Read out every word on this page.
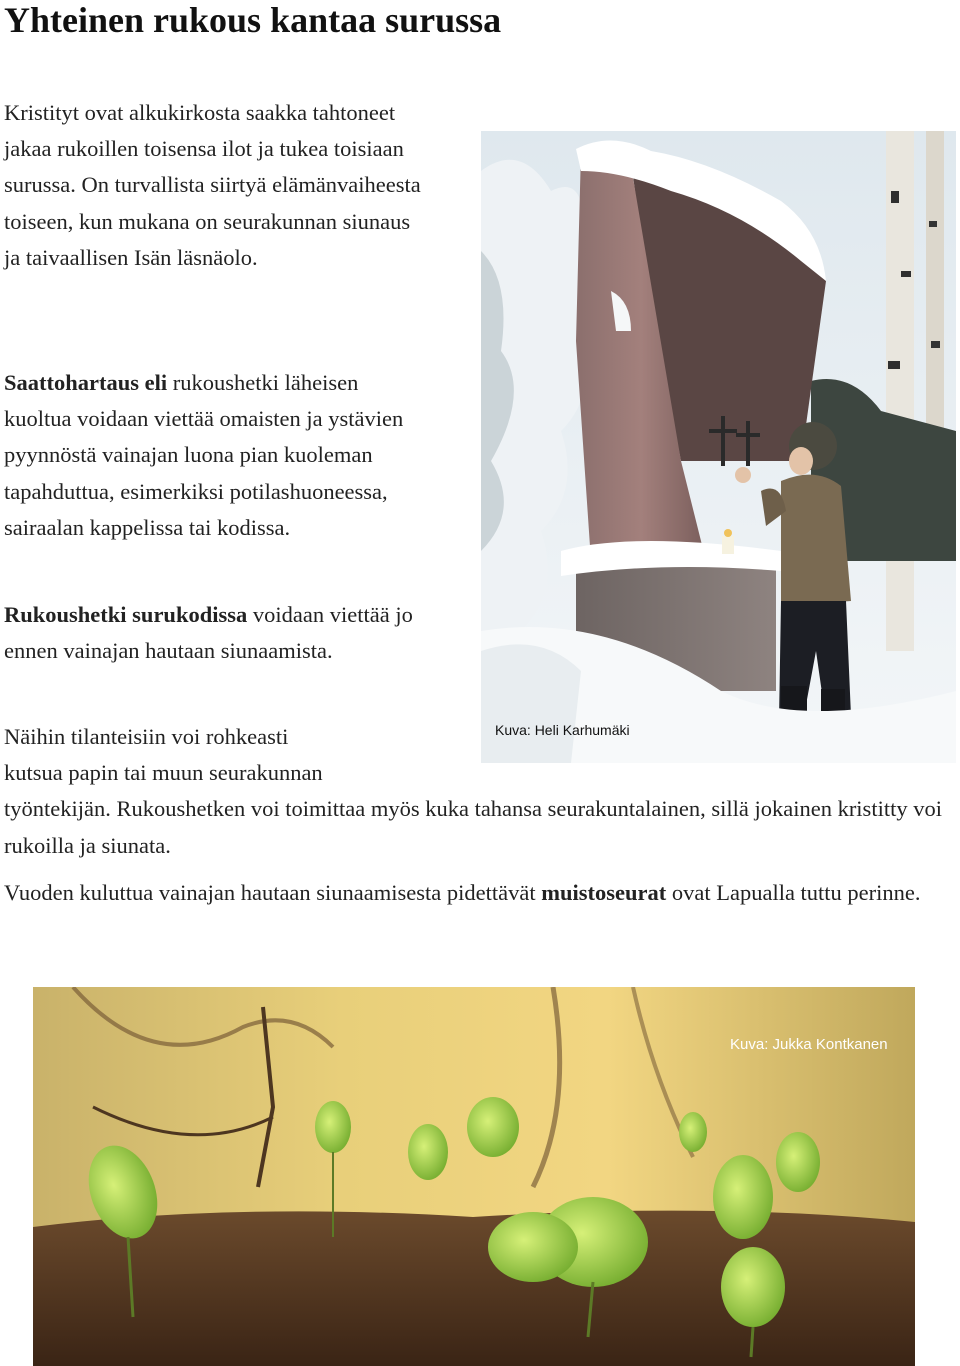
Yhteinen rukous kantaa surussa

Kristityt ovat alkukirkosta saakka tahtoneet jakaa rukoillen toisensa ilot ja tukea toisiaan surussa. On turvallista siirtyä elämänvaiheesta toiseen, kun mukana on seurakunnan siunaus ja taivaallisen Isän läsnäolo.

Saattohartaus eli rukoushetki läheisen kuoltua voidaan viettää omaisten ja ystävien pyynnöstä vainajan luona pian kuoleman tapahduttua, esimerkiksi potilashuoneessa, sairaalan kappelissa tai kodissa.

Rukoushetki surukodissa voidaan viettää jo ennen vainajan hautaan siunaamista.

Näihin tilanteisiin voi rohkeasti
kutsua papin tai muun seurakunnan
työntekijän. Rukoushetken voi toimittaa myös kuka tahansa seurakuntalainen, sillä jokainen kristitty voi rukoilla ja siunata.

Vuoden kuluttua vainajan hautaan siunaamisesta pidettävät muistoseurat ovat Lapualla tuttu perinne.

Kuva: Heli Karhumäki
Kuva: Jukka Kontkanen
